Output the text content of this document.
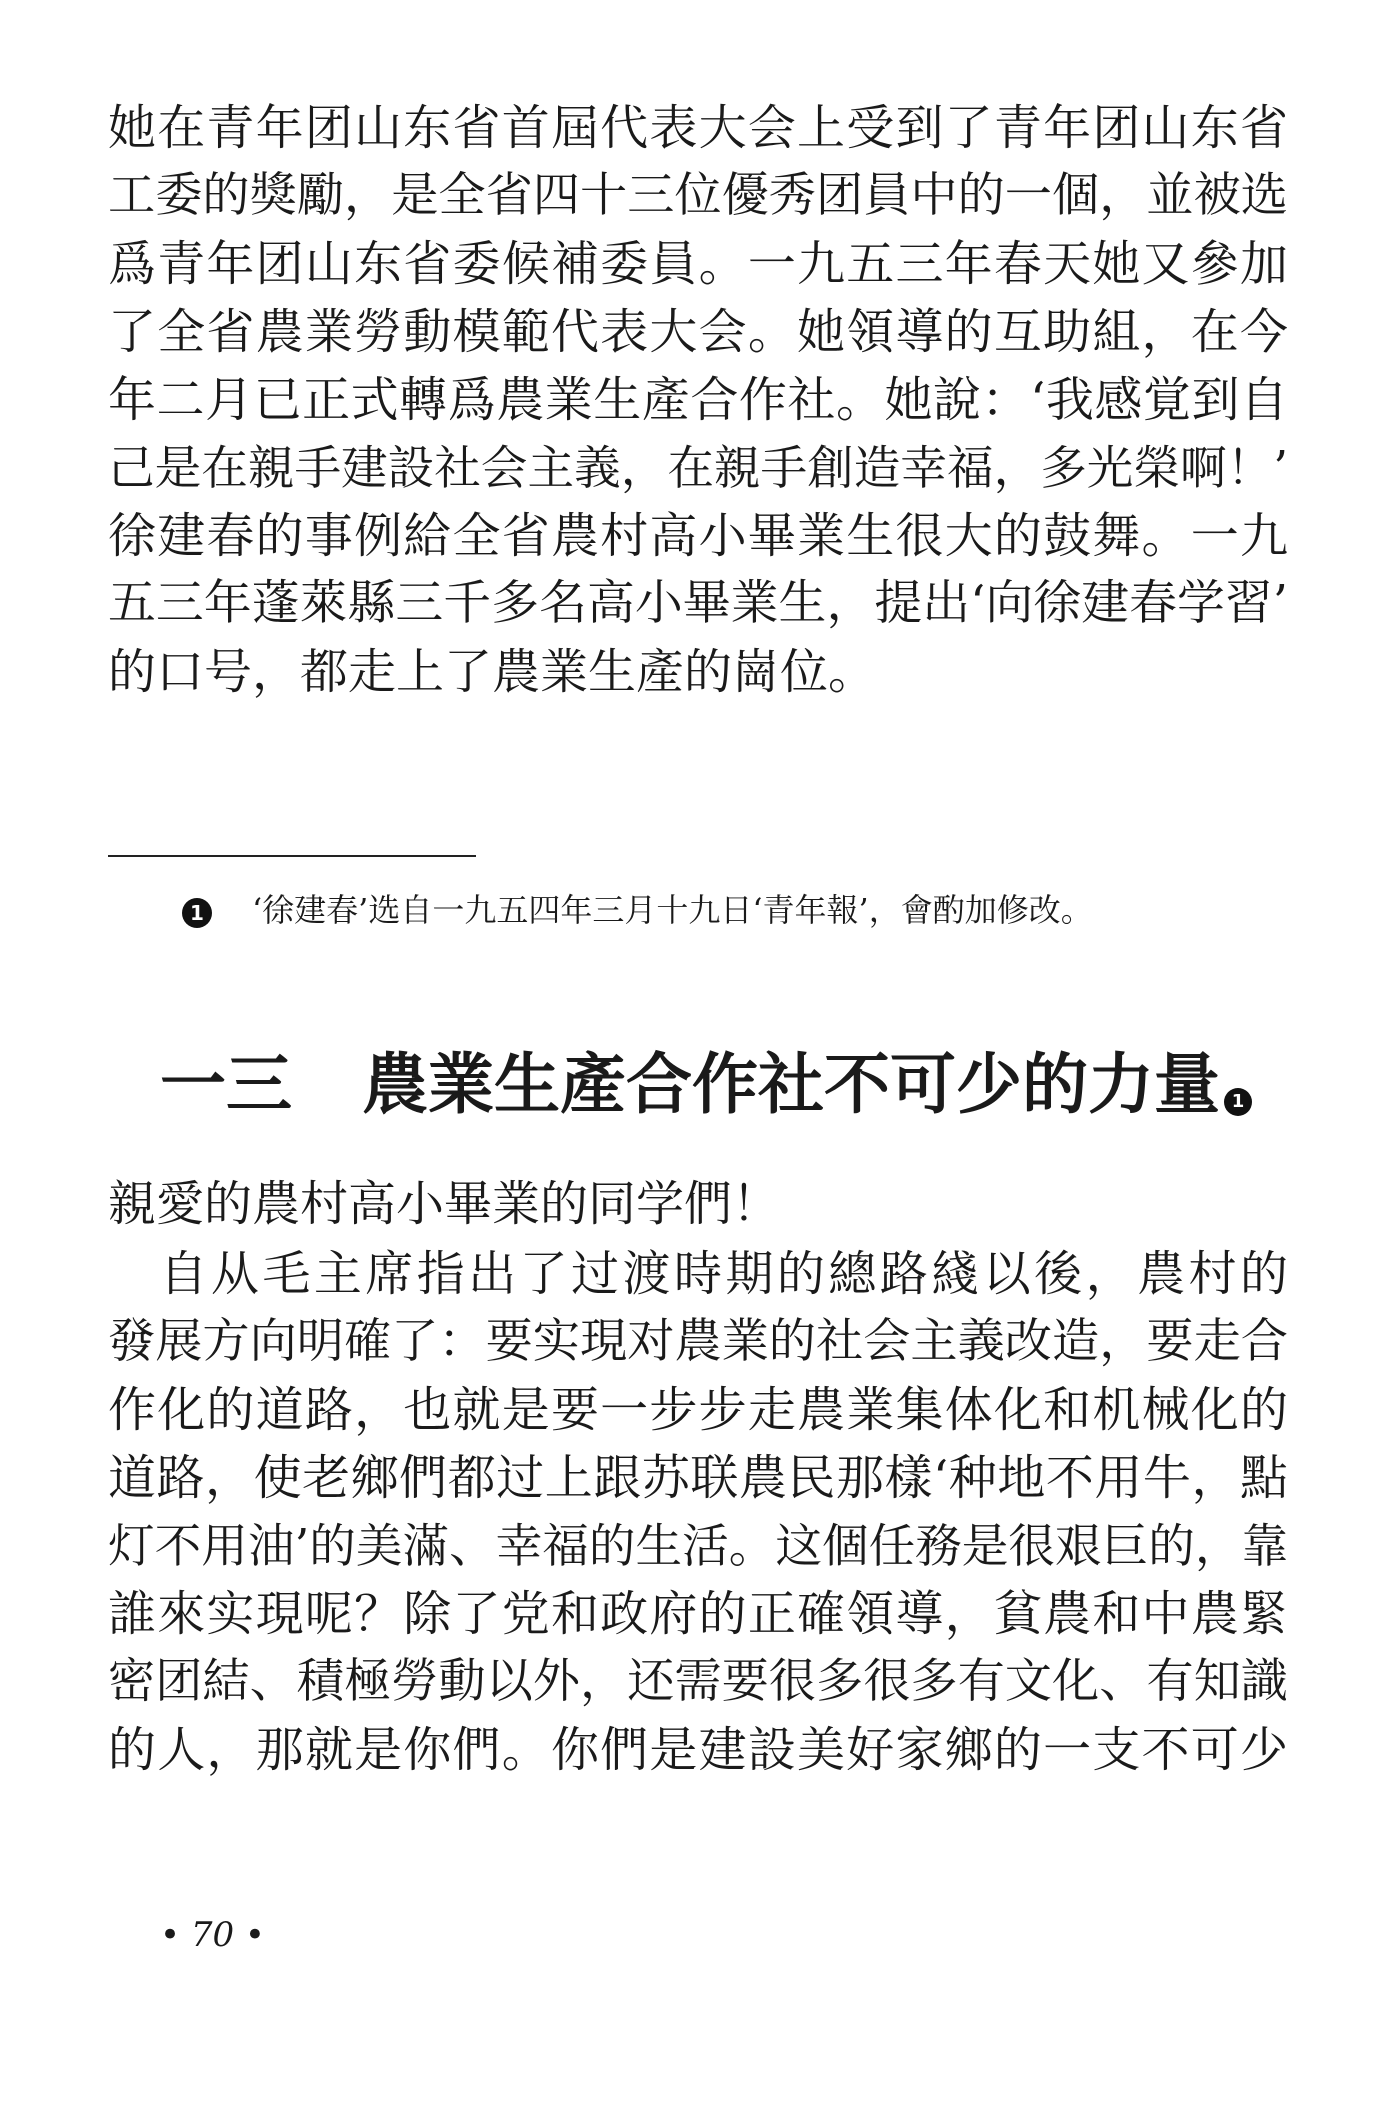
她在青年团山东省首屆代表大会上受到了青年团山东省
工委的獎勵，是全省四十三位優秀团員中的一個，並被选
爲青年团山东省委候補委員。一九五三年春天她又參加
了全省農業勞動模範代表大会。她領導的互助組，在今
年二月已正式轉爲農業生產合作社。她說：‘我感覚到自
己是在親手建設社会主義，在親手創造幸福，多光榮啊！’
徐建春的事例給全省農村高小畢業生很大的鼓舞。一九
五三年蓬萊縣三千多名高小畢業生，提出‘向徐建春学習’
的口号，都走上了農業生產的崗位。
1 ‘徐建春’选自一九五四年三月十九日‘青年報’，會酌加修改。
一三 農業生產合作社不可少的力量 1
親愛的農村高小畢業的同学們！
　自从毛主席指出了过渡時期的總路綫以後，農村的
發展方向明確了：要实現对農業的社会主義改造，要走合
作化的道路，也就是要一步步走農業集体化和机械化的
道路，使老鄉們都过上跟苏联農民那樣‘种地不用牛，點
灯不用油’的美滿、幸福的生活。这個任務是很艰巨的，靠
誰來实現呢？除了党和政府的正確領導，貧農和中農緊
密团結、積極勞動以外，还需要很多很多有文化、有知識
的人，那就是你們。你們是建設美好家鄉的一支不可少
• 70 •
